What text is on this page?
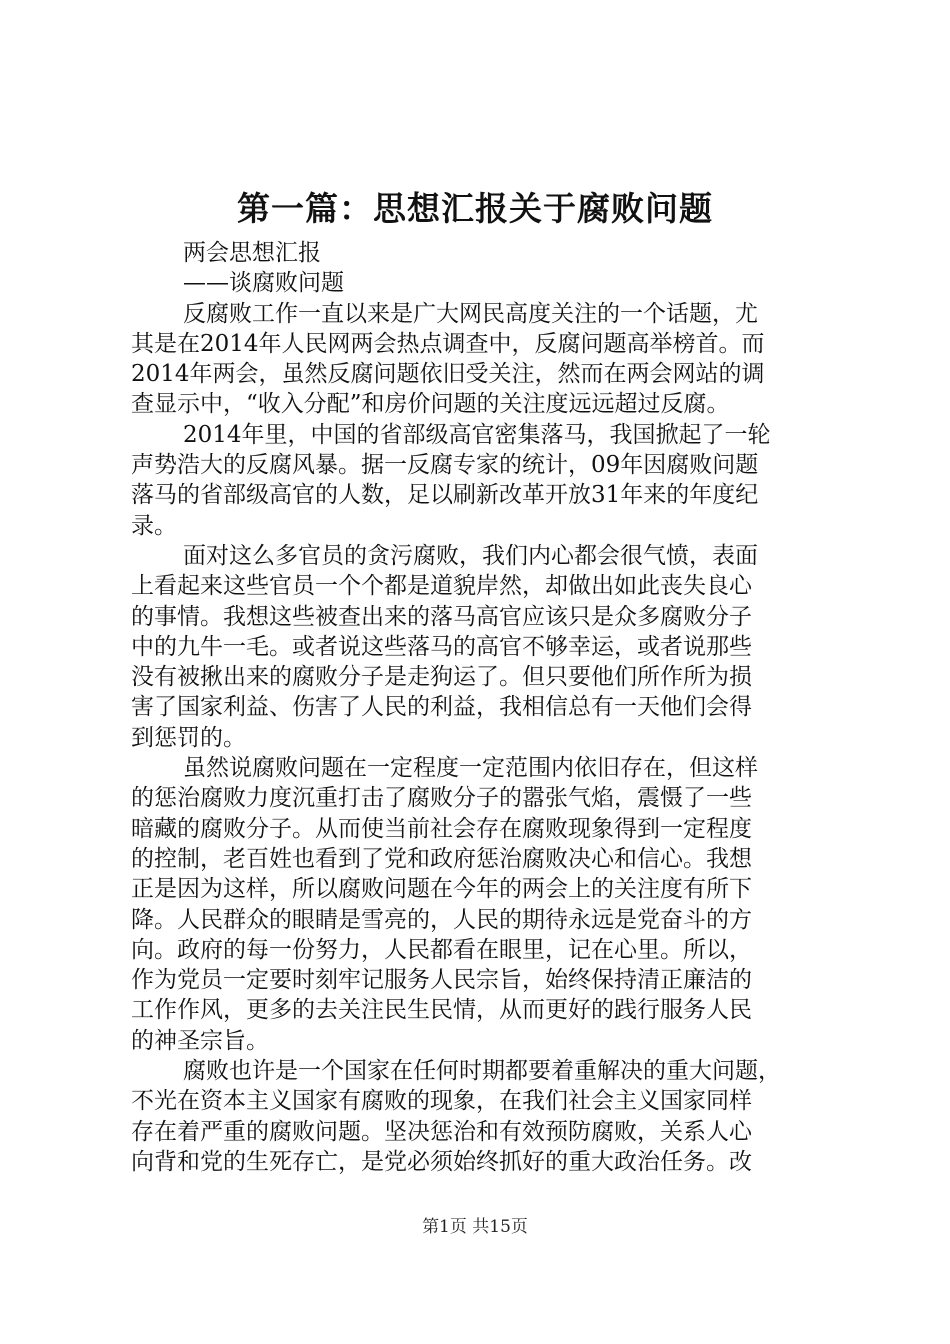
第一篇：思想汇报关于腐败问题
两会思想汇报
——谈腐败问题
反腐败工作一直以来是广大网民高度关注的一个话题，尤
其是在2014年人民网两会热点调查中，反腐问题高举榜首。而
2014年两会，虽然反腐问题依旧受关注，然而在两会网站的调
查显示中，“收入分配”和房价问题的关注度远远超过反腐。
2014年里，中国的省部级高官密集落马，我国掀起了一轮
声势浩大的反腐风暴。据一反腐专家的统计，09年因腐败问题
落马的省部级高官的人数，足以刷新改革开放31年来的年度纪
录。
面对这么多官员的贪污腐败，我们内心都会很气愤，表面
上看起来这些官员一个个都是道貌岸然，却做出如此丧失良心
的事情。我想这些被查出来的落马高官应该只是众多腐败分子
中的九牛一毛。或者说这些落马的高官不够幸运，或者说那些
没有被揪出来的腐败分子是走狗运了。但只要他们所作所为损
害了国家利益、伤害了人民的利益，我相信总有一天他们会得
到惩罚的。
虽然说腐败问题在一定程度一定范围内依旧存在，但这样
的惩治腐败力度沉重打击了腐败分子的嚣张气焰，震慑了一些
暗藏的腐败分子。从而使当前社会存在腐败现象得到一定程度
的控制，老百姓也看到了党和政府惩治腐败决心和信心。我想
正是因为这样，所以腐败问题在今年的两会上的关注度有所下
降。人民群众的眼睛是雪亮的，人民的期待永远是党奋斗的方
向。政府的每一份努力，人民都看在眼里，记在心里。所以，
作为党员一定要时刻牢记服务人民宗旨，始终保持清正廉洁的
工作作风，更多的去关注民生民情，从而更好的践行服务人民
的神圣宗旨。
腐败也许是一个国家在任何时期都要着重解决的重大问题，
不光在资本主义国家有腐败的现象，在我们社会主义国家同样
存在着严重的腐败问题。坚决惩治和有效预防腐败，关系人心
向背和党的生死存亡，是党必须始终抓好的重大政治任务。改
第1页 共15页
